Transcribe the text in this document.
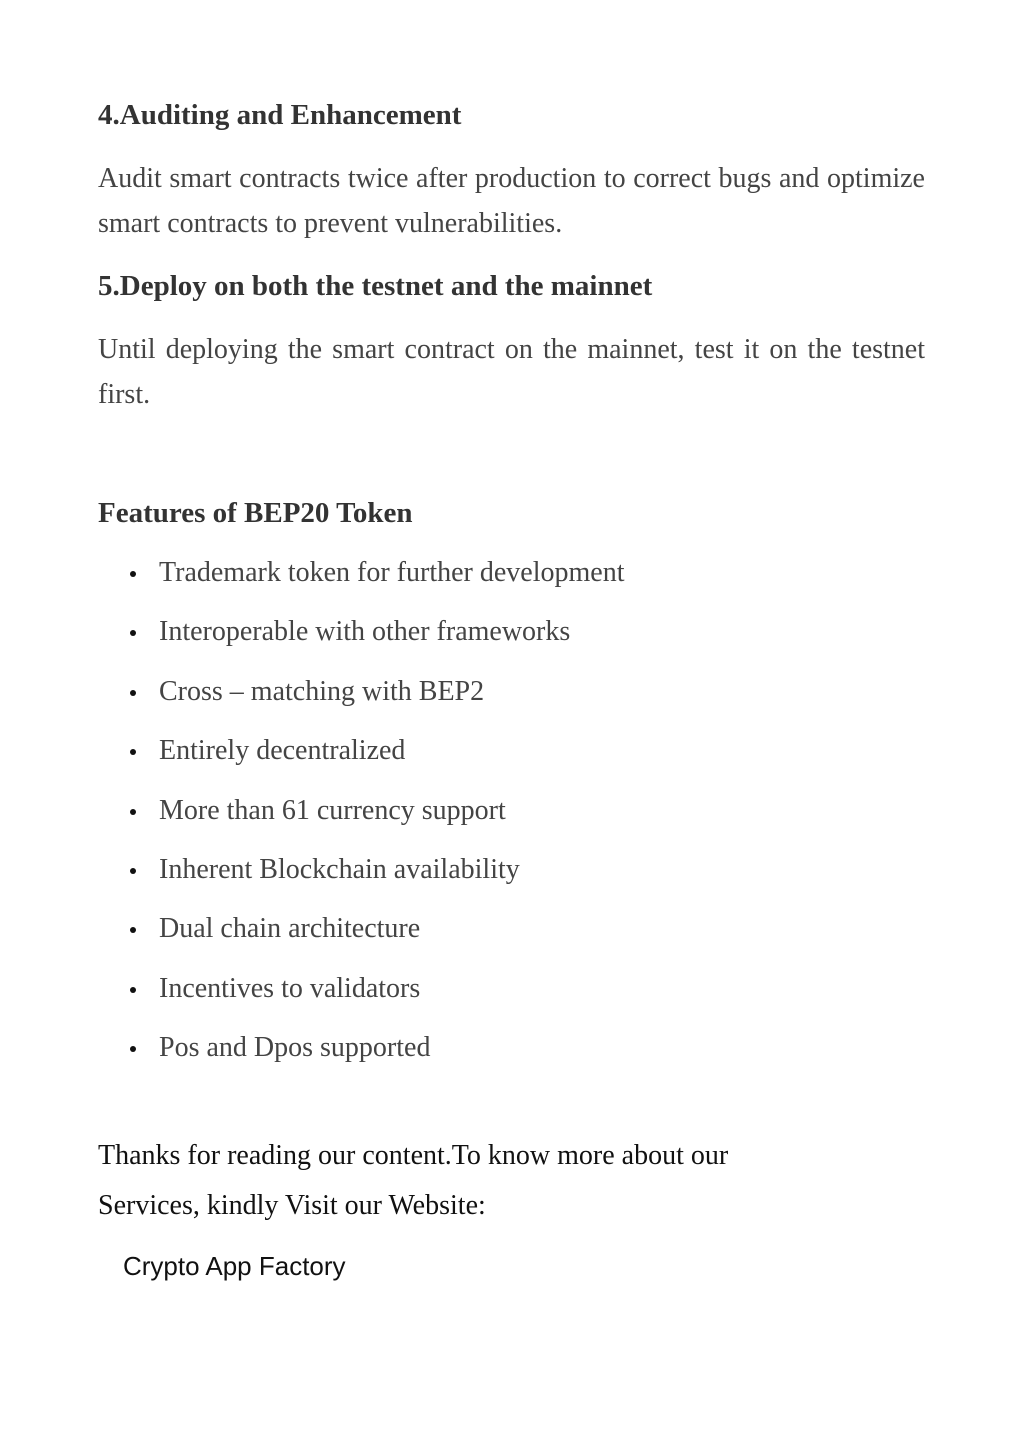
4.Auditing and Enhancement

Audit smart contracts twice after production to correct bugs and optimize smart contracts to prevent vulnerabilities.

5.Deploy on both the testnet and the mainnet

Until deploying the smart contract on the mainnet, test it on the testnet first.

Features of BEP20 Token
Trademark token for further development
Interoperable with other frameworks
Cross – matching with BEP2
Entirely decentralized
More than 61 currency support
Inherent Blockchain availability
Dual chain architecture
Incentives to validators
Pos and Dpos supported

Thanks for reading our content.To know more about our

Services, kindly Visit our Website:

Crypto App Factory
